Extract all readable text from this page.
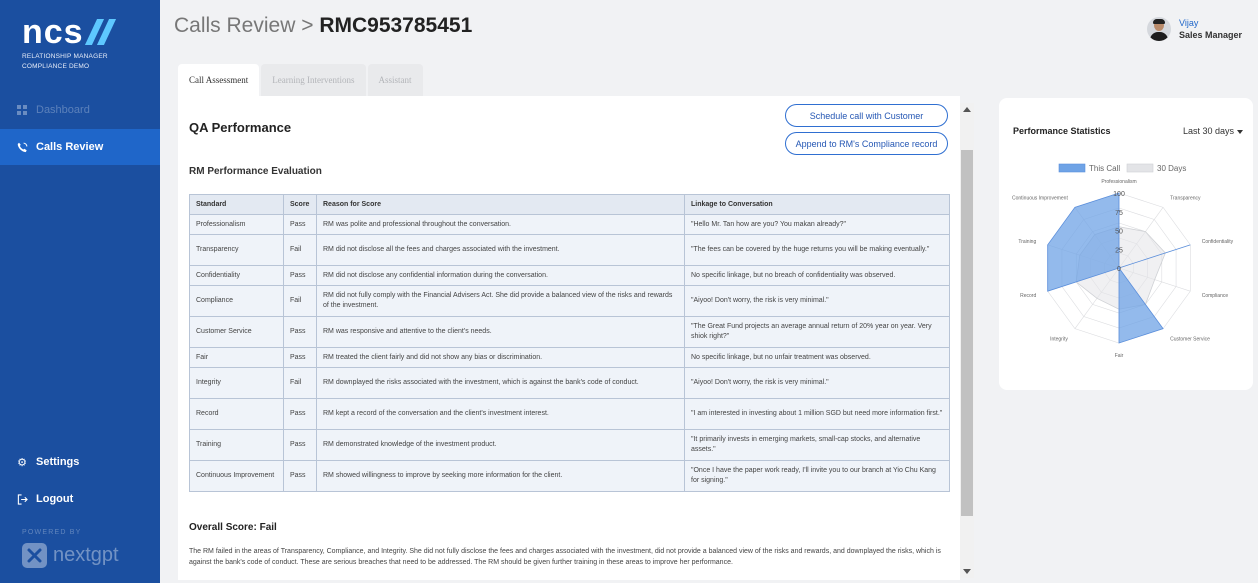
ncs
RELATIONSHIP MANAGER
COMPLIANCE DEMO
Dashboard
Calls Review
⚙ Settings
Logout
POWERED BY
nextgpt
Calls Review > RMC953785451	Vijay
Sales Manager
Call Assessment	Learning Interventions	Assistant
QA Performance
Schedule call with Customer
Append to RM's Compliance record
RM Performance Evaluation
Standard	Score	Reason for Score	Linkage to Conversation
Professionalism	Pass	RM was polite and professional throughout the conversation.	"Hello Mr. Tan how are you? You makan already?"
Transparency	Fail	RM did not disclose all the fees and charges associated with the investment.	"The fees can be covered by the huge returns you will be making eventually."
Confidentiality	Pass	RM did not disclose any confidential information during the conversation.	No specific linkage, but no breach of confidentiality was observed.
Compliance	Fail	RM did not fully comply with the Financial Advisers Act. She did provide a balanced view of the risks and rewards of the investment.	"Aiyoo! Don't worry, the risk is very minimal."
Customer Service	Pass	RM was responsive and attentive to the client's needs.	"The Great Fund projects an average annual return of 20% year on year. Very shiok right?"
Fair	Pass	RM treated the client fairly and did not show any bias or discrimination.	No specific linkage, but no unfair treatment was observed.
Integrity	Fail	RM downplayed the risks associated with the investment, which is against the bank's code of conduct.	"Aiyoo! Don't worry, the risk is very minimal."
Record	Pass	RM kept a record of the conversation and the client's investment interest.	"I am interested in investing about 1 million SGD but need more information first."
Training	Pass	RM demonstrated knowledge of the investment product.	"It primarily invests in emerging markets, small-cap stocks, and alternative assets."
Continuous Improvement	Pass	RM showed willingness to improve by seeking more information for the client.	"Once I have the paper work ready, I'll invite you to our branch at Yio Chu Kang for signing."
Overall Score: Fail
The RM failed in the areas of Transparency, Compliance, and Integrity. She did not fully disclose the fees and charges associated with the investment, did not provide a balanced view of the risks and rewards, and downplayed the risks, which is against the bank's code of conduct. These are serious breaches that need to be addressed. The RM should be given further training in these areas to improve her performance.
Performance Statistics	Last 30 days
Professionalism
Transparency
Confidentiality
Compliance
Customer Service
Fair
Integrity
Record
Training
Continuous Improvement
100
75
50
25
0
This Call	30 Days
